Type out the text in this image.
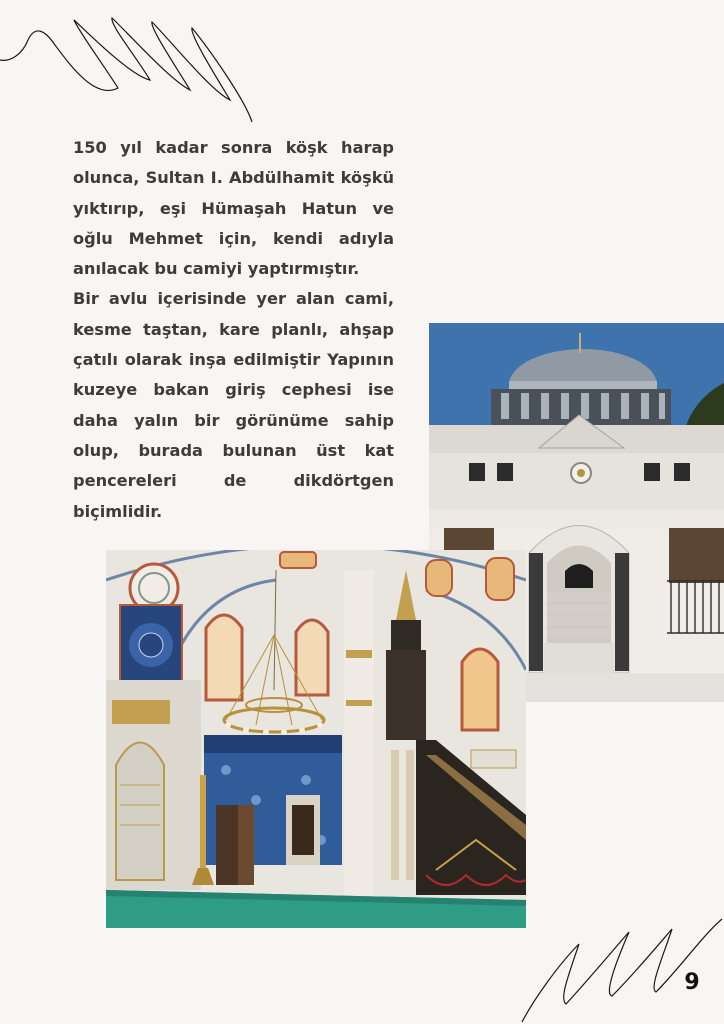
150 yıl kadar sonra köşk harap olunca, Sultan I. Abdülhamit köşkü yıktırıp, eşi Hümaşah Hatun ve oğlu Mehmet için, kendi adıyla anılacak bu camiyi yaptırmıştır.

Bir avlu içerisinde yer alan cami, kesme taştan, kare planlı, ahşap çatılı olarak inşa edilmiştir Yapının kuzeye bakan giriş cephesi ise daha yalın bir görünüme sahip olup, burada bulunan üst kat pencereleri de dikdörtgen biçimlidir.

9
